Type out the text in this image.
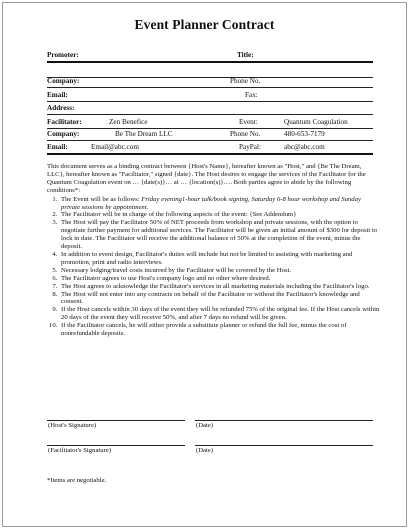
Event Planner Contract
Promoter:	Title:
Company:	Phone No.
Email:	Fax:
Address:
Facilitator:	Zen Benefice	Event:	Quantum Coagulation
Company:	Be The Dream LLC	Phone No.	480-653-7179
Email:	Email@abc.com	PayPal:	abc@abc.com

This document serves as a binding contract between {Host's Name}, hereafter known as "Host," and {Be The Dream, LLC}, hereafter known as "Facilitator," signed {date}. The Host desires to engage the services of the Facilitator for the Quantum Coagulation event on … {date(s)}… at … {location(s)}…. Both parties agree to abide by the following conditions*:

1. The Event will be as follows: Friday evening1-hour talk/book signing, Saturday 6-8 hour workshop and Sunday private sessions by appointment.
2. The Facilitator will be in charge of the following aspects of the event: {See Addendum}
3. The Host will pay the Facilitator 50% of NET proceeds from workshop and private sessions, with the option to negotiate further payment for additional services. The Facilitator will be given an initial amount of $300 for deposit to lock in date. The Facilitator will receive the additional balance of 50% at the completion of the event, minus the deposit.
4. In addition to event design, Facilitator's duties will include but not be limited to assisting with marketing and promotion, print and radio interviews.
5. Necessary lodging/travel costs incurred by the Facilitator will be covered by the Host.
6. The Facilitator agrees to use Host's company logo and no other where desired.
7. The Host agrees to acknowledge the Facilitator's services in all marketing materials including the Facilitator's logo.
8. The Host will not enter into any contracts on behalf of the Facilitator or without the Facilitator's knowledge and consent.
9. If the Host cancels within 30 days of the event they will be refunded 75% of the original fee. If the Host cancels within 20 days of the event they will receive 50%, and after 7 days no refund will be given.
10. If the Facilitator cancels, he will either provide a substitute planner or refund the full fee, minus the cost of nonrefundable deposits.
(Host's Signature)	(Date)
(Facilitator's Signature)	(Date)
*Items are negotiable.
